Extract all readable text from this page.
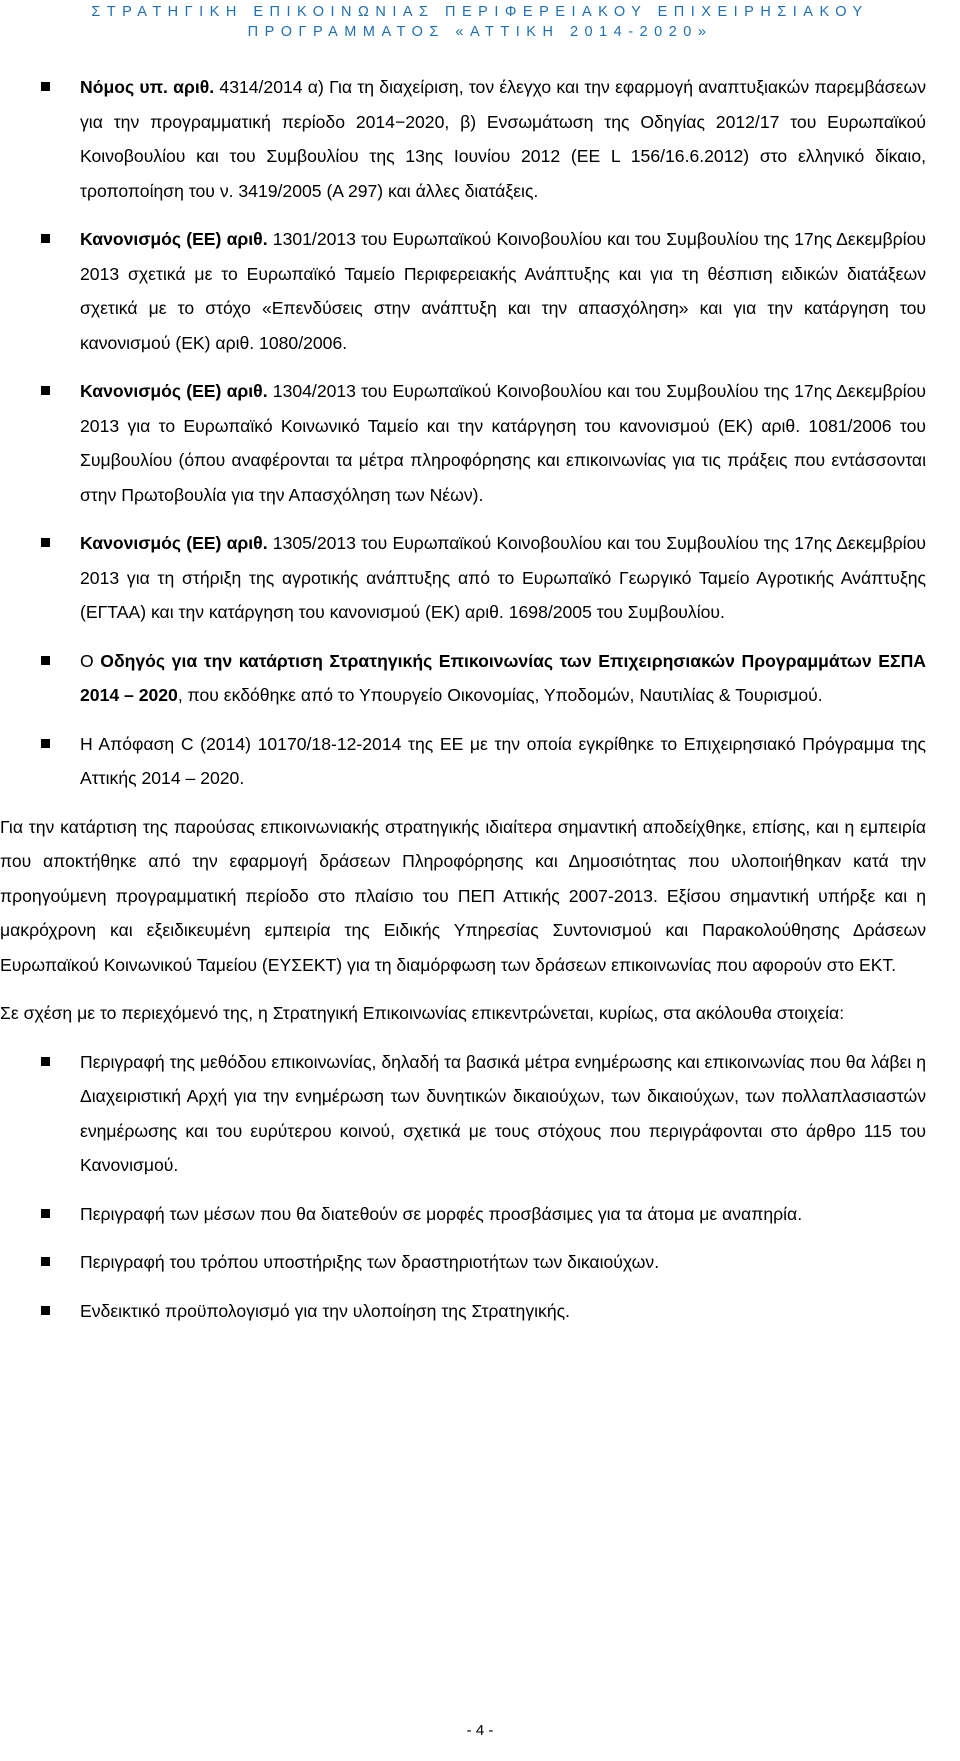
ΣΤΡΑΤΗΓΙΚΗ ΕΠΙΚΟΙΝΩΝΙΑΣ ΠΕΡΙΦΕΡΕΙΑΚΟΥ ΕΠΙΧΕΙΡΗΣΙΑΚΟΥ
ΠΡΟΓΡΑΜΜΑΤΟΣ «ΑΤΤΙΚΗ 2014-2020»
Νόμος υπ. αριθ. 4314/2014 α) Για τη διαχείριση, τον έλεγχο και την εφαρμογή αναπτυξιακών παρεμβάσεων για την προγραμματική περίοδο 2014−2020, β) Ενσωμάτωση της Οδηγίας 2012/17 του Ευρωπαϊκού Κοινοβουλίου και του Συμβουλίου της 13ης Ιουνίου 2012 (ΕΕ L 156/16.6.2012) στο ελληνικό δίκαιο, τροποποίηση του ν. 3419/2005 (Α 297) και άλλες διατάξεις.
Κανονισμός (ΕΕ) αριθ. 1301/2013 του Ευρωπαϊκού Κοινοβουλίου και του Συμβουλίου της 17ης Δεκεμβρίου 2013 σχετικά με το Ευρωπαϊκό Ταμείο Περιφερειακής Ανάπτυξης και για τη θέσπιση ειδικών διατάξεων σχετικά με το στόχο «Επενδύσεις στην ανάπτυξη και την απασχόληση» και για την κατάργηση του κανονισμού (ΕΚ) αριθ. 1080/2006.
Κανονισμός (ΕΕ) αριθ. 1304/2013 του Ευρωπαϊκού Κοινοβουλίου και του Συμβουλίου της 17ης Δεκεμβρίου 2013 για το Ευρωπαϊκό Κοινωνικό Ταμείο και την κατάργηση του κανονισμού (ΕΚ) αριθ. 1081/2006 του Συμβουλίου (όπου αναφέρονται τα μέτρα πληροφόρησης και επικοινωνίας για τις πράξεις που εντάσσονται στην Πρωτοβουλία για την Απασχόληση των Νέων).
Κανονισμός (ΕΕ) αριθ. 1305/2013 του Ευρωπαϊκού Κοινοβουλίου και του Συμβουλίου της 17ης Δεκεμβρίου 2013 για τη στήριξη της αγροτικής ανάπτυξης από το Ευρωπαϊκό Γεωργικό Ταμείο Αγροτικής Ανάπτυξης (ΕΓΤΑΑ) και την κατάργηση του κανονισμού (ΕΚ) αριθ. 1698/2005 του Συμβουλίου.
Ο Οδηγός για την κατάρτιση Στρατηγικής Επικοινωνίας των Επιχειρησιακών Προγραμμάτων ΕΣΠΑ 2014 – 2020, που εκδόθηκε από το Υπουργείο Οικονομίας, Υποδομών, Ναυτιλίας & Τουρισμού.
Η Απόφαση C (2014) 10170/18-12-2014 της ΕΕ με την οποία εγκρίθηκε το Επιχειρησιακό Πρόγραμμα της Αττικής 2014 – 2020.

Για την κατάρτιση της παρούσας επικοινωνιακής στρατηγικής ιδιαίτερα σημαντική αποδείχθηκε, επίσης, και η εμπειρία που αποκτήθηκε από την εφαρμογή δράσεων Πληροφόρησης και Δημοσιότητας που υλοποιήθηκαν κατά την προηγούμενη προγραμματική περίοδο στο πλαίσιο του ΠΕΠ Αττικής 2007-2013. Εξίσου σημαντική υπήρξε και η μακρόχρονη και εξειδικευμένη εμπειρία της Ειδικής Υπηρεσίας Συντονισμού και Παρακολούθησης Δράσεων Ευρωπαϊκού Κοινωνικού Ταμείου (ΕΥΣΕΚΤ) για τη διαμόρφωση των δράσεων επικοινωνίας που αφορούν στο ΕΚΤ.

Σε σχέση με το περιεχόμενό της, η Στρατηγική Επικοινωνίας επικεντρώνεται, κυρίως, στα ακόλουθα στοιχεία:

Περιγραφή της μεθόδου επικοινωνίας, δηλαδή τα βασικά μέτρα ενημέρωσης και επικοινωνίας που θα λάβει η Διαχειριστική Αρχή για την ενημέρωση των δυνητικών δικαιούχων, των δικαιούχων, των πολλαπλασιαστών ενημέρωσης και του ευρύτερου κοινού, σχετικά με τους στόχους που περιγράφονται στο άρθρο 115 του Κανονισμού.
Περιγραφή των μέσων που θα διατεθούν σε μορφές προσβάσιμες για τα άτομα με αναπηρία.
Περιγραφή του τρόπου υποστήριξης των δραστηριοτήτων των δικαιούχων.
Ενδεικτικό προϋπολογισμό για την υλοποίηση της Στρατηγικής.
- 4 -
